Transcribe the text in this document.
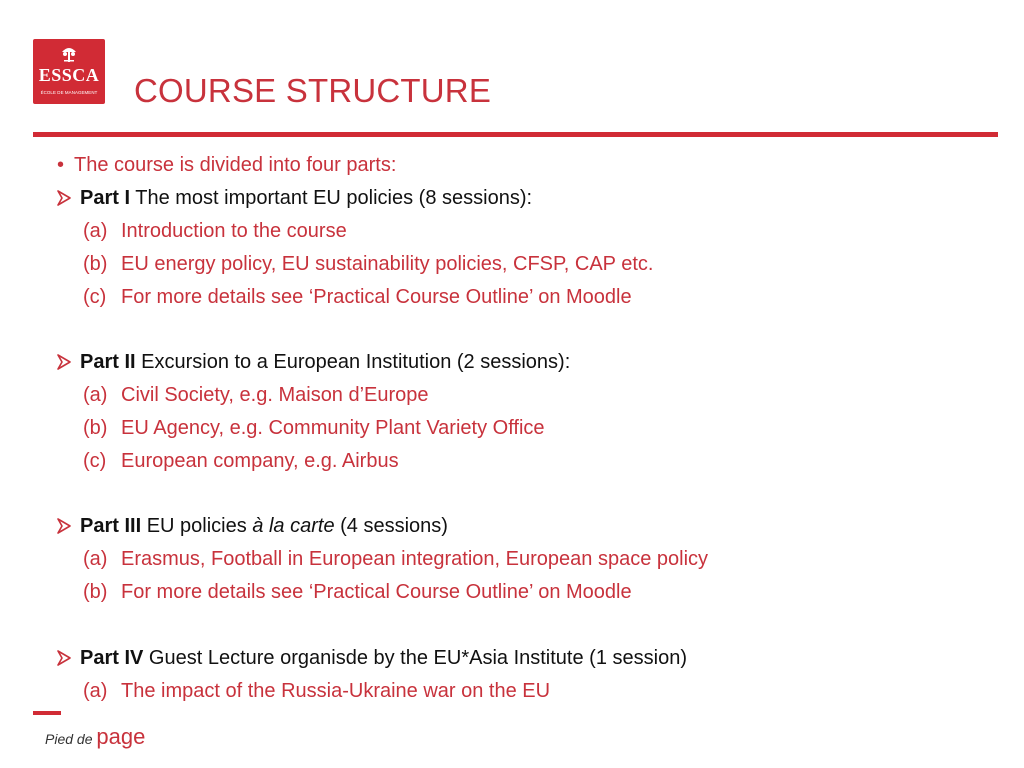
ESSCA
ÉCOLE DE MANAGEMENT COURSE STRUCTURE
• The course is divided into four parts:
Part I The most important EU policies (8 sessions):
(a) Introduction to the course
(b) EU energy policy, EU sustainability policies, CFSP, CAP etc.
(c) For more details see ‘Practical Course Outline’ on Moodle
Part II Excursion to a European Institution (2 sessions):
(a) Civil Society, e.g. Maison d’Europe
(b) EU Agency, e.g. Community Plant Variety Office
(c) European company, e.g. Airbus
Part III EU policies à la carte (4 sessions)
(a) Erasmus, Football in European integration, European space policy
(b) For more details see ‘Practical Course Outline’ on Moodle
Part IV Guest Lecture organisde by the EU*Asia Institute (1 session)
(a) The impact of the Russia-Ukraine war on the EU
Pied de page
